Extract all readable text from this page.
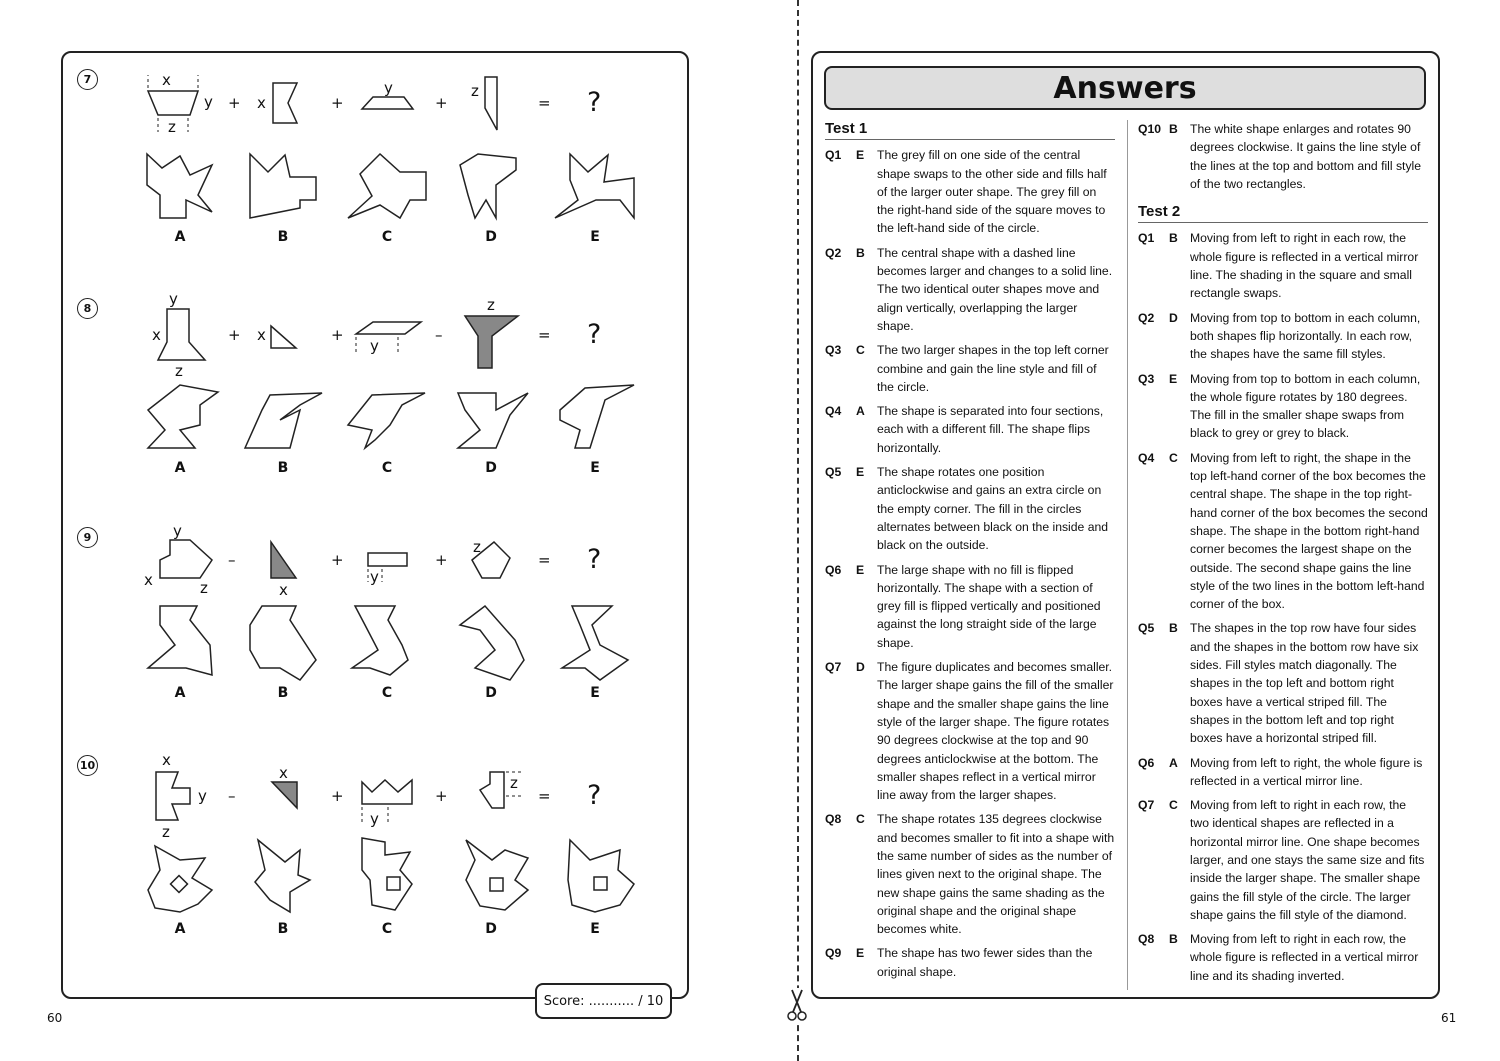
7	x
y
z
x
y	z
+	+	+	= ?
A	B	C	D	E
8
y
x
z
x
y
z
+	+	–	= ?
A	B	C	D	E
9	y
x	z	x
y
z
–	+	+	= ?
A	B	C	D	E
10	x
y
z
x
y
z
–	+	+	= ?
A	B	C	D	E
Score: ........... / 10
60
Answers
Test 1
Q1	E	The grey fill on one side of the central shape swaps to the other side and fills half of the larger outer shape. The grey fill on the right-hand side of the square moves to the left-hand side of the circle.
Q2	B The central shape with a dashed line becomes larger and changes to a solid line. The two identical outer shapes move and align vertically, overlapping the larger shape.
Q3	C The two larger shapes in the top left corner combine and gain the line style and fill of the circle.
Q4	A The shape is separated into four sections, each with a different fill. The shape flips horizontally.
Q5	E	The shape rotates one position anticlockwise and gains an extra circle on the empty corner. The fill in the circles alternates between black on the inside and black on the outside.
Q6	E	The large shape with no fill is flipped horizontally. The shape with a section of grey fill is flipped vertically and positioned against the long straight side of the large shape.
Q7	D The figure duplicates and becomes smaller. The larger shape gains the fill of the smaller shape and the smaller shape gains the line style of the larger shape. The figure rotates 90 degrees clockwise at the top and 90 degrees anticlockwise at the bottom. The smaller shapes reflect in a vertical mirror line away from the larger shapes.
Q8	C The shape rotates 135 degrees clockwise and becomes smaller to fit into a shape with the same number of sides as the number of lines given next to the original shape. The new shape gains the same shading as the original shape and the original shape becomes white.
Q9	E	The shape has two fewer sides than the original shape.
Q10 B The white shape enlarges and rotates 90 degrees clockwise. It gains the line style of the lines at the top and bottom and fill style of the two rectangles.
Test 2
Q1	B Moving from left to right in each row, the whole figure is reflected in a vertical mirror line. The shading in the square and small rectangle swaps.
Q2	D Moving from top to bottom in each column, both shapes flip horizontally. In each row, the shapes have the same fill styles.
Q3	E	Moving from top to bottom in each column, the whole figure rotates by 180 degrees. The fill in the smaller shape swaps from black to grey or grey to black.
Q4	C Moving from left to right, the shape in the top left-hand corner of the box becomes the central shape. The shape in the top right-hand corner of the box becomes the second shape. The shape in the bottom right-hand corner becomes the largest shape on the outside. The second shape gains the line style of the two lines in the bottom left-hand corner of the box.
Q5	B The shapes in the top row have four sides and the shapes in the bottom row have six sides. Fill styles match diagonally. The shapes in the top left and bottom right boxes have a vertical striped fill. The shapes in the bottom left and top right boxes have a horizontal striped fill.
Q6	A Moving from left to right, the whole figure is reflected in a vertical mirror line.
Q7	C Moving from left to right in each row, the two identical shapes are reflected in a horizontal mirror line. One shape becomes larger, and one stays the same size and fits inside the larger shape. The smaller shape gains the fill style of the circle. The larger shape gains the fill style of the diamond.
Q8	B Moving from left to right in each row, the whole figure is reflected in a vertical mirror line and its shading inverted.
61
